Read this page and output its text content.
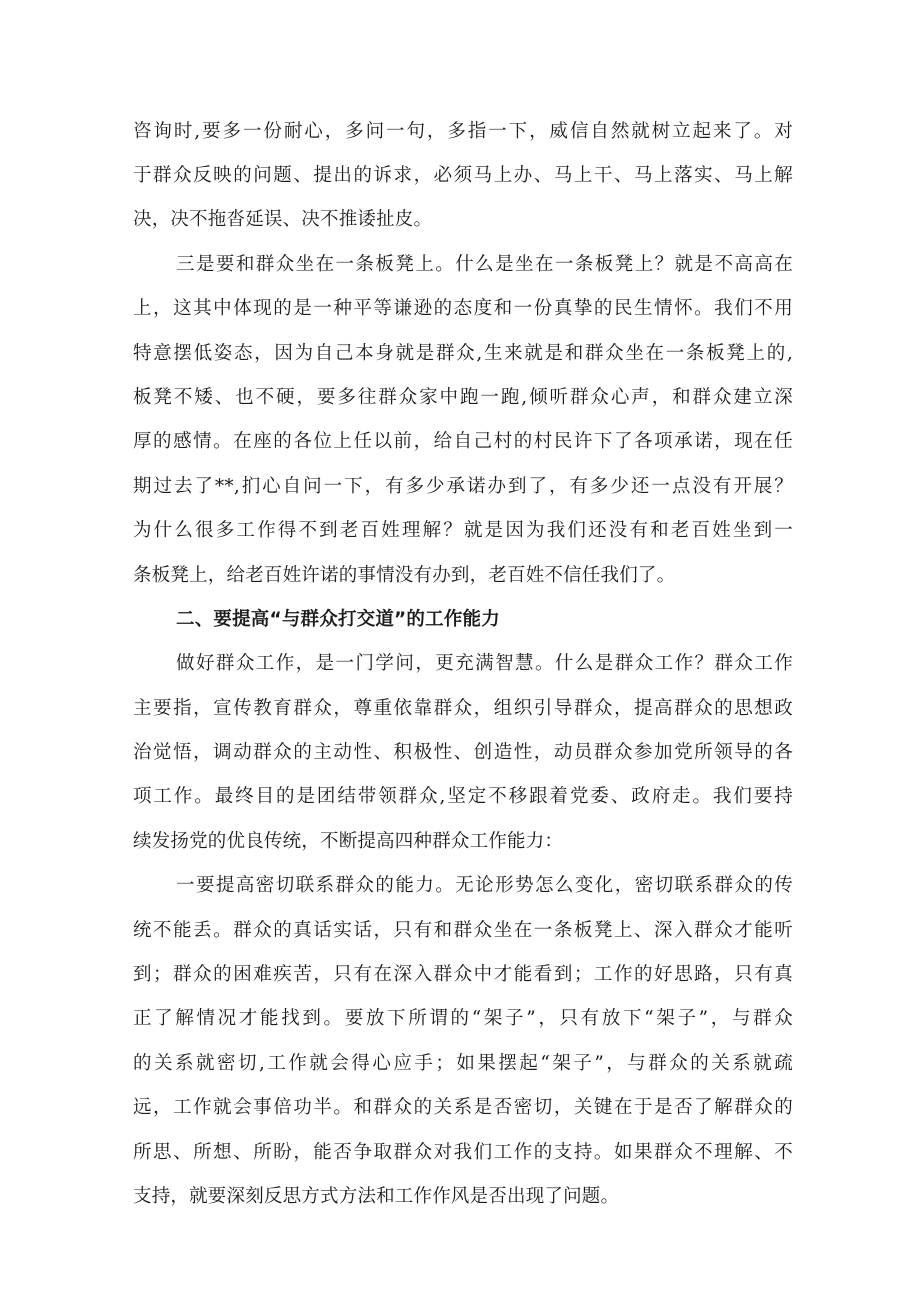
咨询时,要多一份耐心，多问一句，多指一下，威信自然就树立起来了。对
于群众反映的问题、提出的诉求，必须马上办、马上干、马上落实、马上解
决，决不拖沓延误、决不推诿扯皮。
三是要和群众坐在一条板凳上。什么是坐在一条板凳上？就是不高高在
上，这其中体现的是一种平等谦逊的态度和一份真挚的民生情怀。我们不用
特意摆低姿态，因为自己本身就是群众,生来就是和群众坐在一条板凳上的,
板凳不矮、也不硬，要多往群众家中跑一跑,倾听群众心声，和群众建立深
厚的感情。在座的各位上任以前，给自己村的村民许下了各项承诺，现在任
期过去了**,扪心自问一下，有多少承诺办到了，有多少还一点没有开展？
为什么很多工作得不到老百姓理解？就是因为我们还没有和老百姓坐到一
条板凳上，给老百姓许诺的事情没有办到，老百姓不信任我们了。
二、要提高“与群众打交道”的工作能力
做好群众工作，是一门学问，更充满智慧。什么是群众工作？群众工作
主要指，宣传教育群众，尊重依靠群众，组织引导群众，提高群众的思想政
治觉悟，调动群众的主动性、积极性、创造性，动员群众参加党所领导的各
项工作。最终目的是团结带领群众,坚定不移跟着党委、政府走。我们要持
续发扬党的优良传统，不断提高四种群众工作能力：
一要提高密切联系群众的能力。无论形势怎么变化，密切联系群众的传
统不能丢。群众的真话实话，只有和群众坐在一条板凳上、深入群众才能听
到；群众的困难疾苦，只有在深入群众中才能看到；工作的好思路，只有真
正了解情况才能找到。要放下所谓的“架子”，只有放下“架子”，与群众
的关系就密切,工作就会得心应手；如果摆起“架子”，与群众的关系就疏
远，工作就会事倍功半。和群众的关系是否密切，关键在于是否了解群众的
所思、所想、所盼，能否争取群众对我们工作的支持。如果群众不理解、不
支持，就要深刻反思方式方法和工作作风是否出现了问题。
